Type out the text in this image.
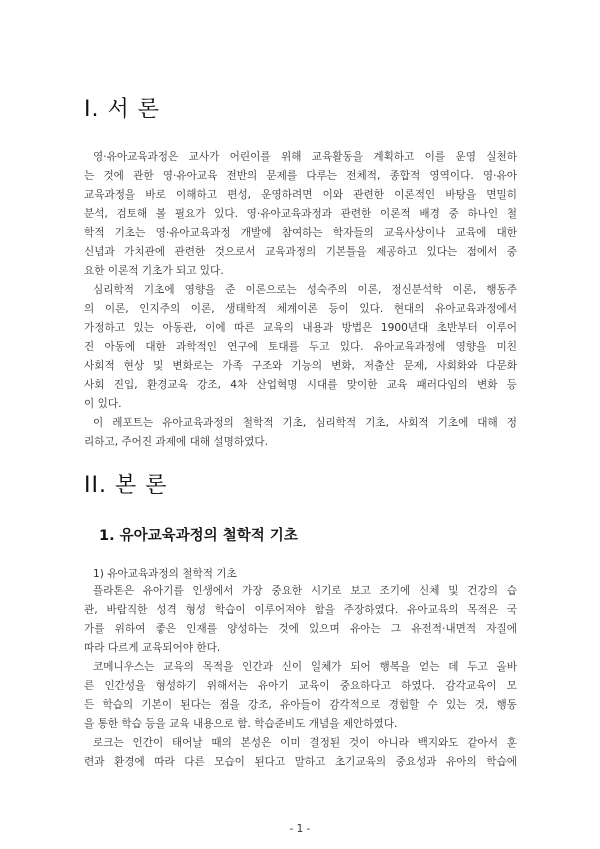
I. 서 론
영·유아교육과정은 교사가 어린이를 위해 교육활동을 계획하고 이를 운영 실천하
는 것에 관한 영·유아교육 전반의 문제를 다루는 전체적, 종합적 영역이다. 영·유아
교육과정을 바로 이해하고 편성, 운영하려면 이와 관련한 이론적인 바탕을 면밀히
분석, 검토해 볼 필요가 있다. 영·유아교육과정과 관련한 이론적 배경 중 하나인 철
학적 기초는 영·유아교육과정 개발에 참여하는 학자들의 교육사상이나 교육에 대한
신념과 가치관에 관련한 것으로서 교육과정의 기본틀을 제공하고 있다는 점에서 중
요한 이론적 기초가 되고 있다.
심리학적 기초에 영향을 준 이론으로는 성숙주의 이론, 정신분석학 이론, 행동주
의 이론, 인지주의 이론, 생태학적 체계이론 등이 있다. 현대의 유아교육과정에서
가정하고 있는 아동관, 이에 따른 교육의 내용과 방법은 1900년대 초반부터 이루어
진 아동에 대한 과학적인 연구에 토대를 두고 있다. 유아교육과정에 영향을 미친
사회적 현상 및 변화로는 가족 구조와 기능의 변화, 저출산 문제, 사회화와 다문화
사회 진입, 환경교육 강조, 4차 산업혁명 시대를 맞이한 교육 패러다임의 변화 등
이 있다.
이 레포트는 유아교육과정의 철학적 기초, 심리학적 기초, 사회적 기초에 대해 정
리하고, 주어진 과제에 대해 설명하였다.
II. 본 론
1. 유아교육과정의 철학적 기초
1) 유아교육과정의 철학적 기초
플라톤은 유아기를 인생에서 가장 중요한 시기로 보고 조기에 신체 및 건강의 습
관, 바람직한 성격 형성 학습이 이루어져야 함을 주장하였다. 유아교육의 목적은 국
가를 위하여 좋은 인재를 양성하는 것에 있으며 유아는 그 유전적·내면적 자질에
따라 다르게 교육되어야 한다.
코메니우스는 교육의 목적을 인간과 신이 일체가 되어 행복을 얻는 데 두고 올바
른 인간성을 형성하기 위해서는 유아기 교육이 중요하다고 하였다. 감각교육이 모
든 학습의 기본이 된다는 점을 강조, 유아들이 감각적으로 경험할 수 있는 것, 행동
을 통한 학습 등을 교육 내용으로 함. 학습준비도 개념을 제안하였다.
로크는 인간이 태어날 때의 본성은 이미 결정된 것이 아니라 백지와도 같아서 훈
련과 환경에 따라 다른 모습이 된다고 말하고 초기교육의 중요성과 유아의 학습에
- 1 -
